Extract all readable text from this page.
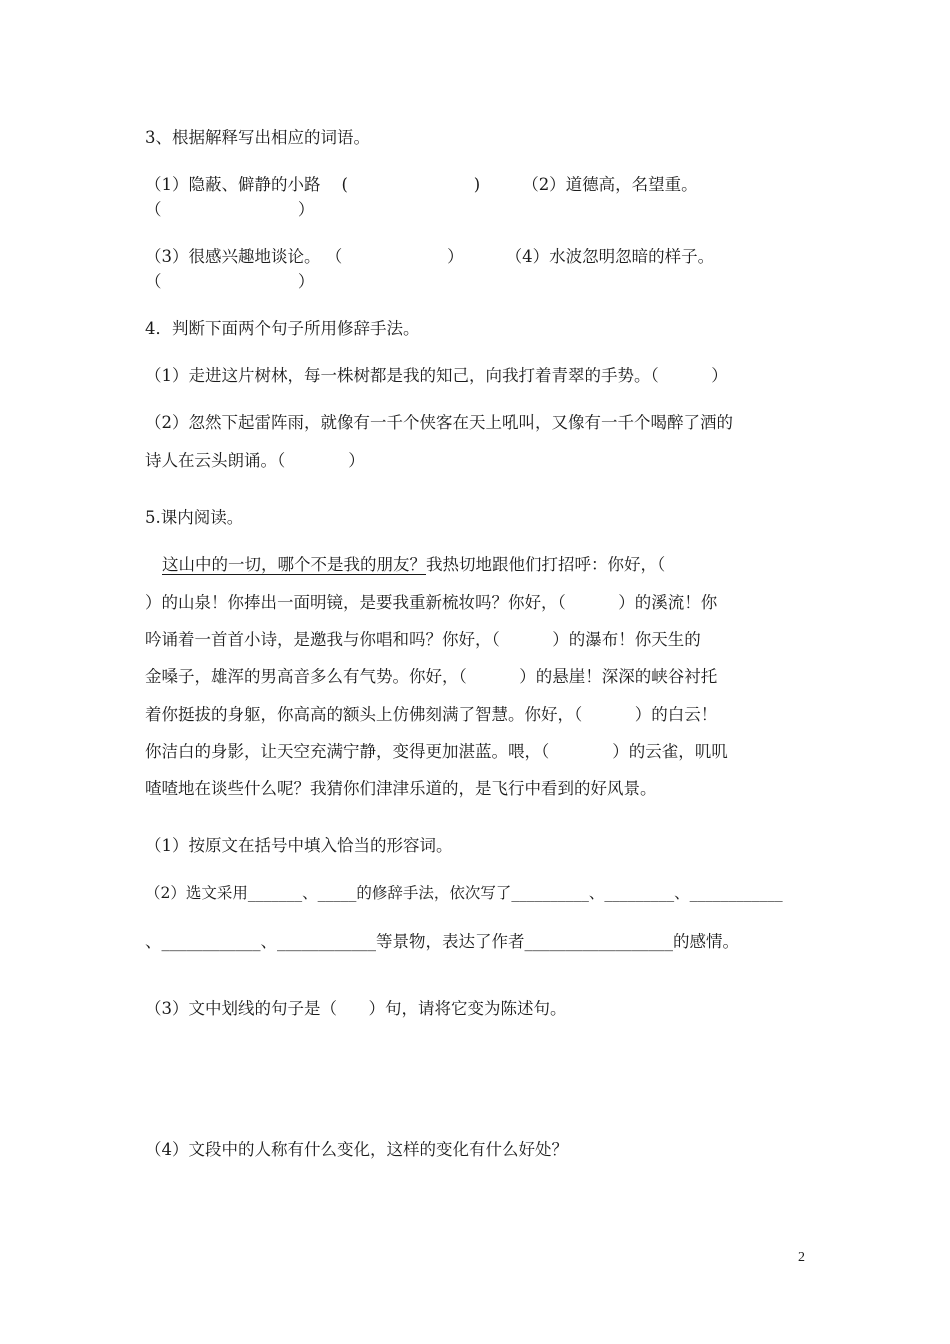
3、根据解释写出相应的词语。
（1）隐蔽、僻静的小路    (                        )        （2）道德高，名望重。
（                          ）
（3）很感兴趣地谈论。 （                    ）        （4）水波忽明忽暗的样子。
（                          ）
4．判断下面两个句子所用修辞手法。
（1）走进这片树林，每一株树都是我的知己，向我打着青翠的手势。（          ）
（2）忽然下起雷阵雨，就像有一千个侠客在天上吼叫，又像有一千个喝醉了酒的
诗人在云头朗诵。（            ）
5.课内阅读。
这山中的一切，哪个不是我的朋友？我热切地跟他们打招呼：你好，（
）的山泉！你捧出一面明镜，是要我重新梳妆吗？你好，（          ）的溪流！你
吟诵着一首首小诗，是邀我与你唱和吗？你好，（          ）的瀑布！你天生的
金嗓子，雄浑的男高音多么有气势。你好，（          ）的悬崖！深深的峡谷衬托
着你挺拔的身躯，你高高的额头上仿佛刻满了智慧。你好，（          ）的白云！
你洁白的身影，让天空充满宁静，变得更加湛蓝。喂，（            ）的云雀，叽叽
喳喳地在谈些什么呢？我猜你们津津乐道的，是飞行中看到的好风景。
（1）按原文在括号中填入恰当的形容词。
（2）选文采用_______、_____的修辞手法，依次写了__________、_________、____________
、____________、____________等景物，表达了作者__________________的感情。
（3）文中划线的句子是（      ）句，请将它变为陈述句。
（4）文段中的人称有什么变化，这样的变化有什么好处？
2
